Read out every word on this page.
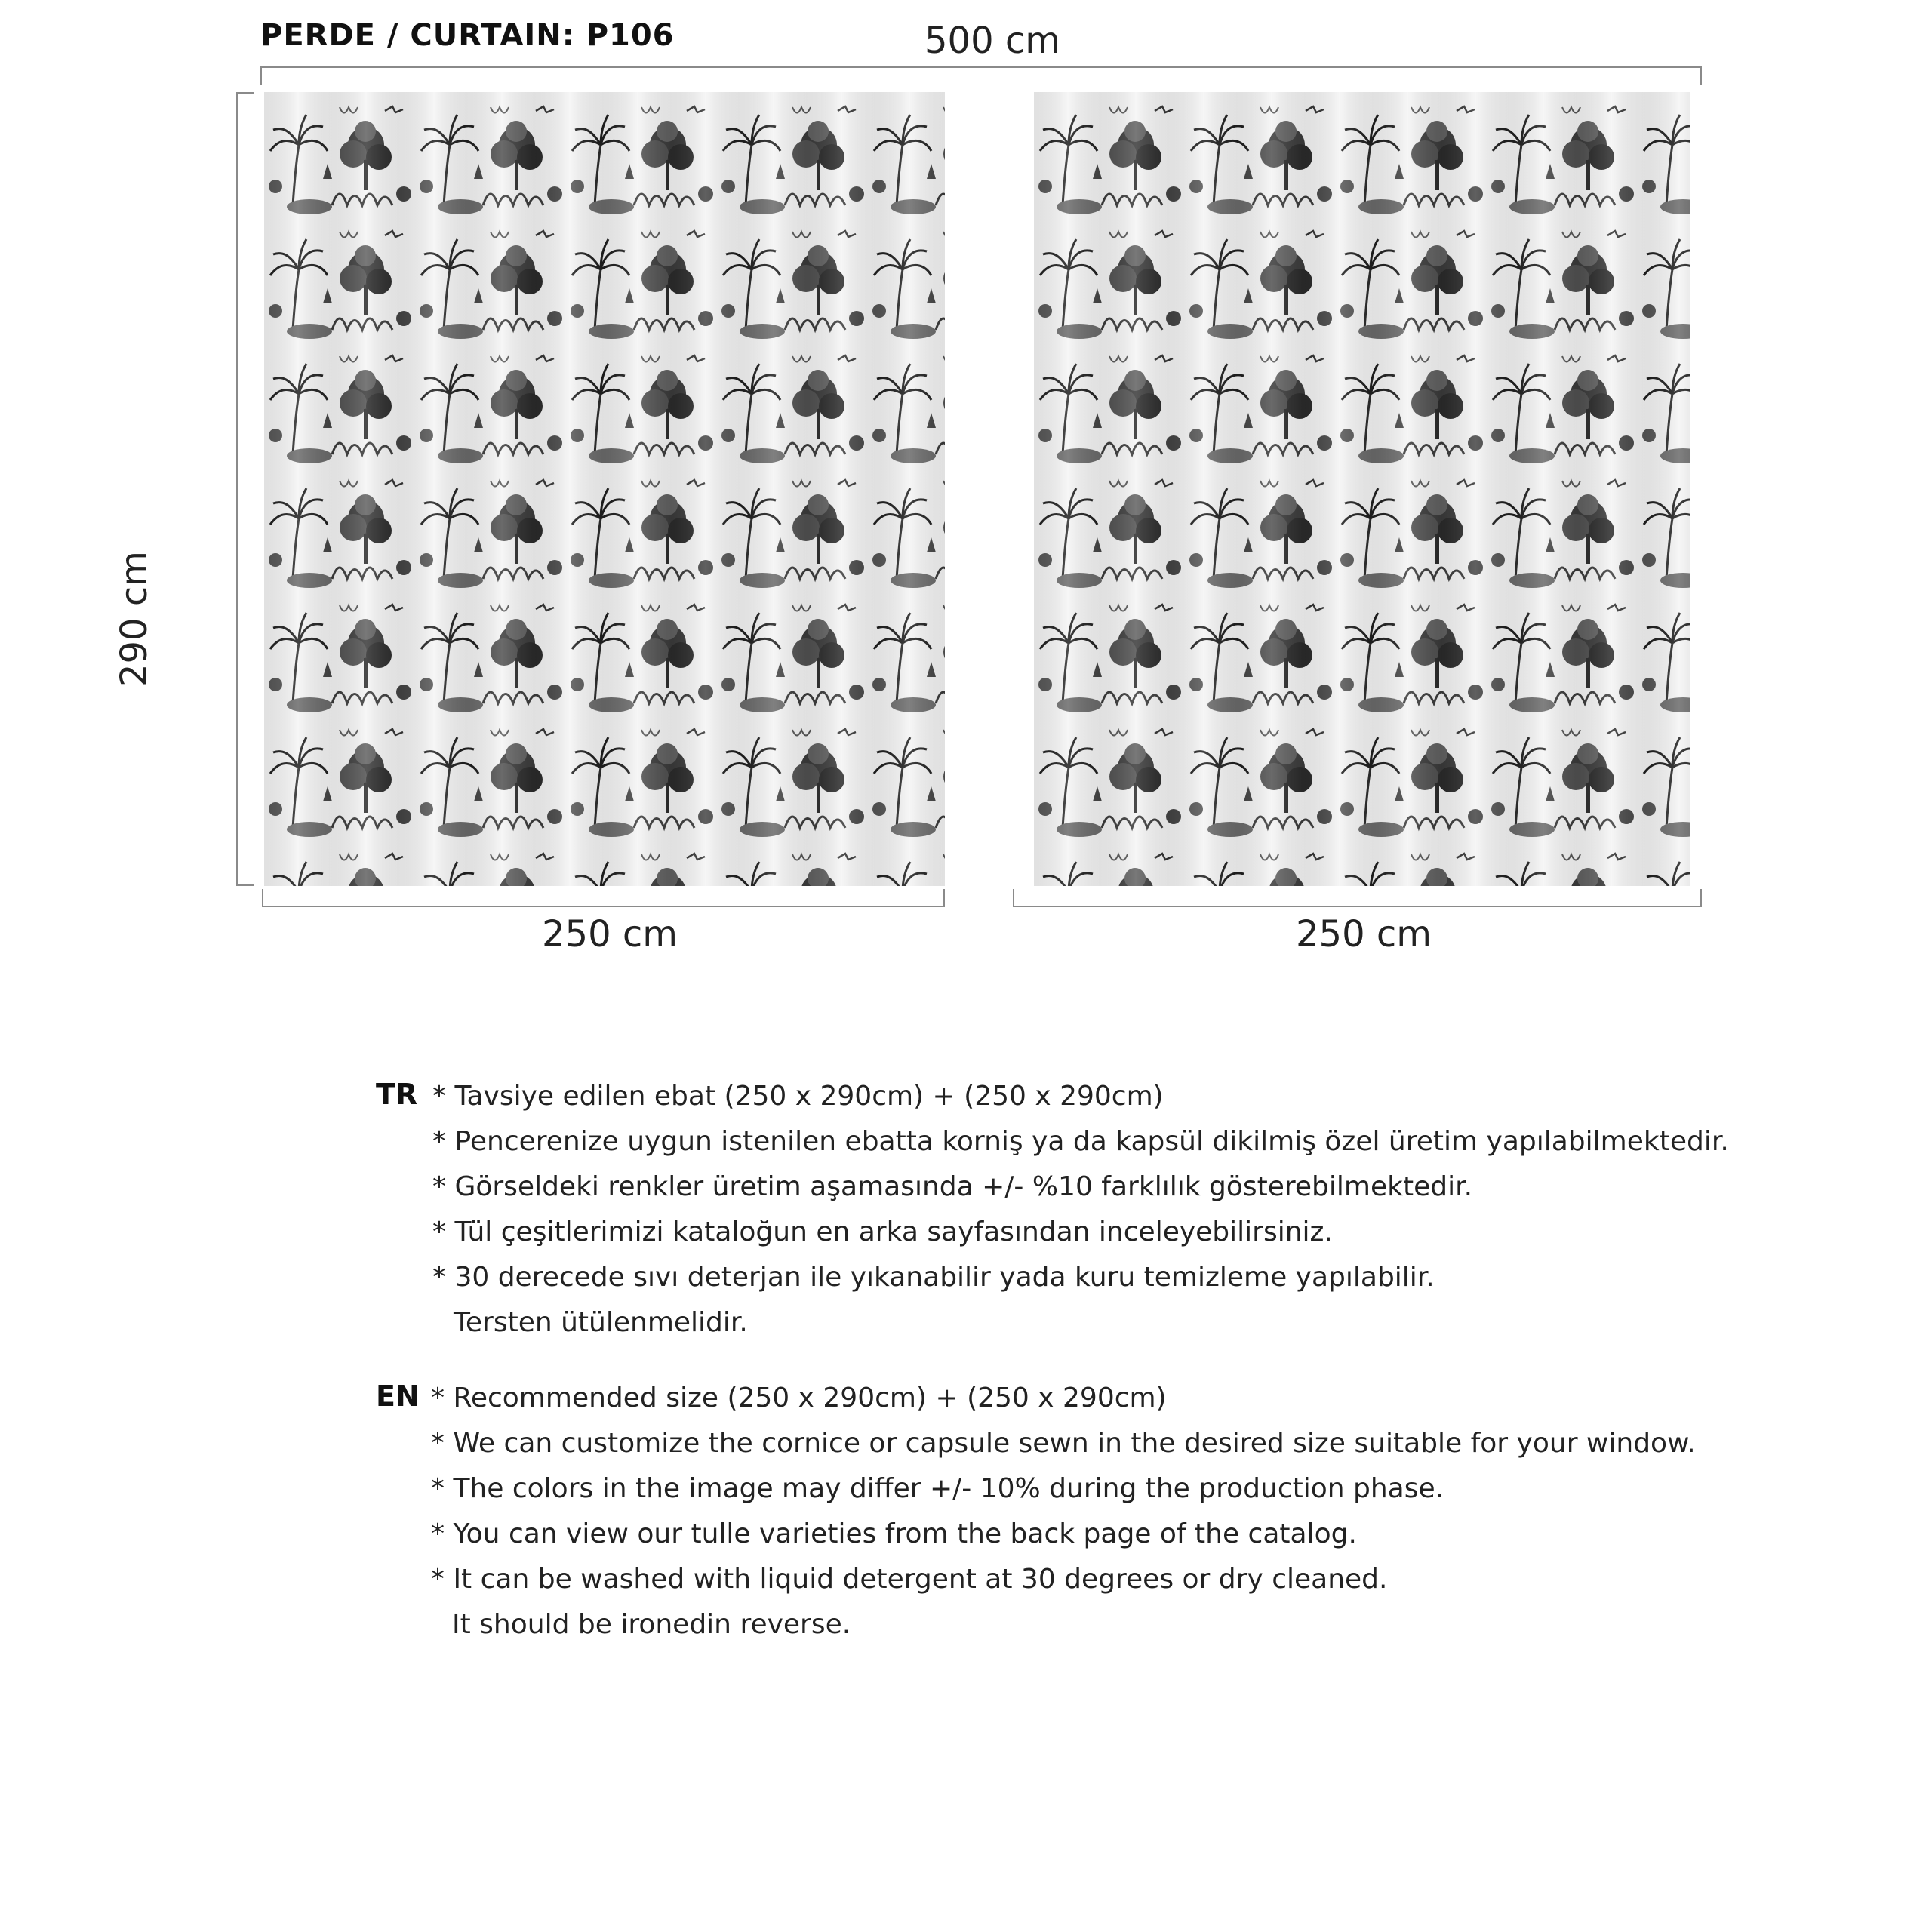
PERDE / CURTAIN: P106	500 cm
290 cm
250 cm	250 cm
TR * Tavsiye edilen ebat (250 x 290cm) + (250 x 290cm)
* Pencerenize uygun istenilen ebatta korniş ya da kapsül dikilmiş özel üretim yapılabilmektedir.
* Görseldeki renkler üretim aşamasında +/- %10 farklılık gösterebilmektedir.
* Tül çeşitlerimizi kataloğun en arka sayfasından inceleyebilirsiniz.
* 30 derecede sıvı deterjan ile yıkanabilir yada kuru temizleme yapılabilir.
Tersten ütülenmelidir.
EN * Recommended size (250 x 290cm) + (250 x 290cm)
* We can customize the cornice or capsule sewn in the desired size suitable for your window.
* The colors in the image may differ +/- 10% during the production phase.
* You can view our tulle varieties from the back page of the catalog.
* It can be washed with liquid detergent at 30 degrees or dry cleaned.
It should be ironedin reverse.
